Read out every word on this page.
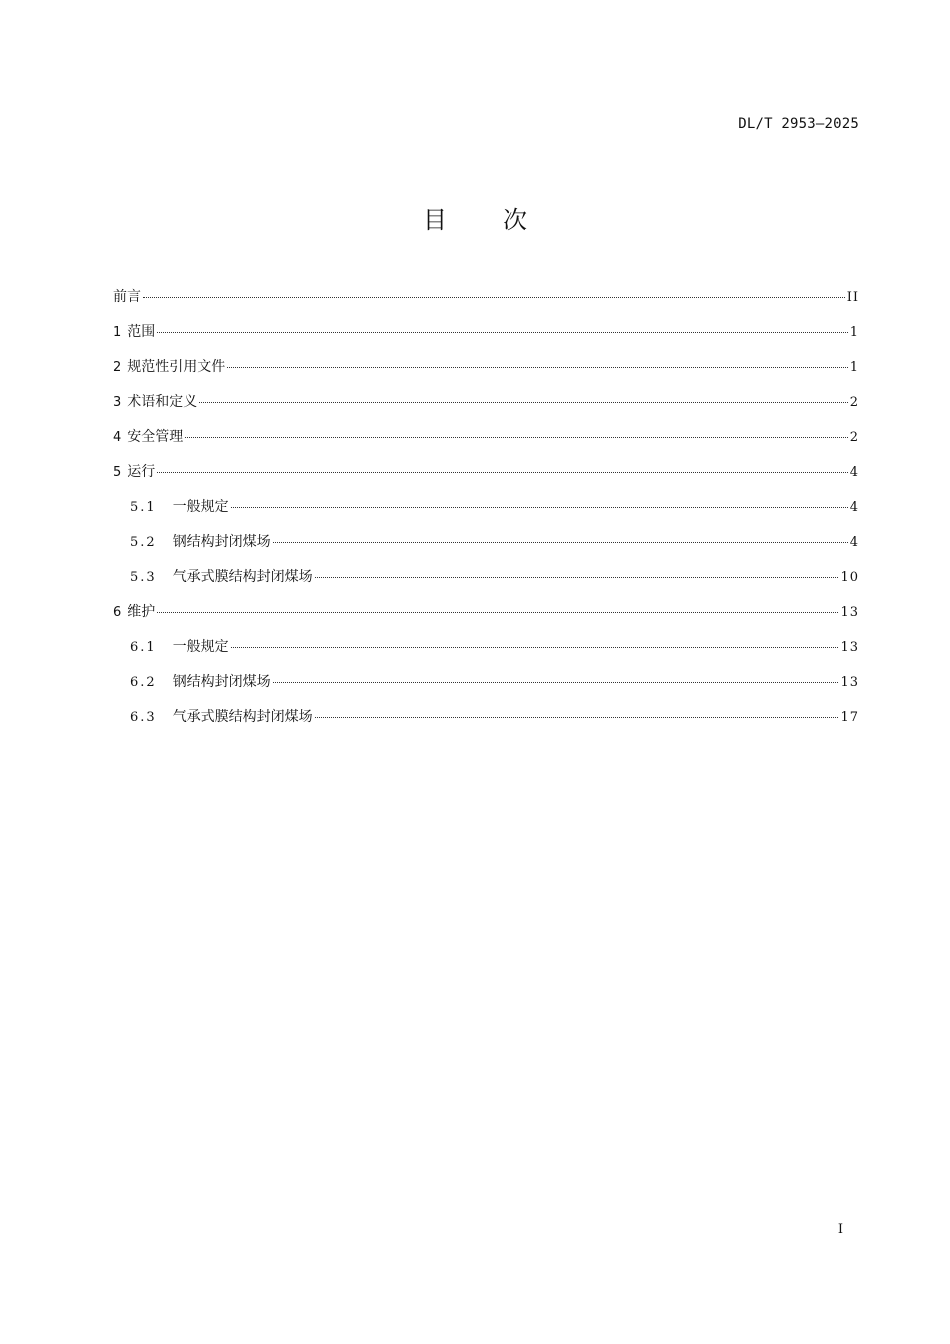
DL/T 2953—2025
目次
前言	II
1 范围	1
2 规范性引用文件	1
3 术语和定义	2
4 安全管理	2
5 运行	4
5.1 一般规定	4
5.2 钢结构封闭煤场	4
5.3 气承式膜结构封闭煤场	10
6 维护	13
6.1 一般规定	13
6.2 钢结构封闭煤场	13
6.3 气承式膜结构封闭煤场	17
I
